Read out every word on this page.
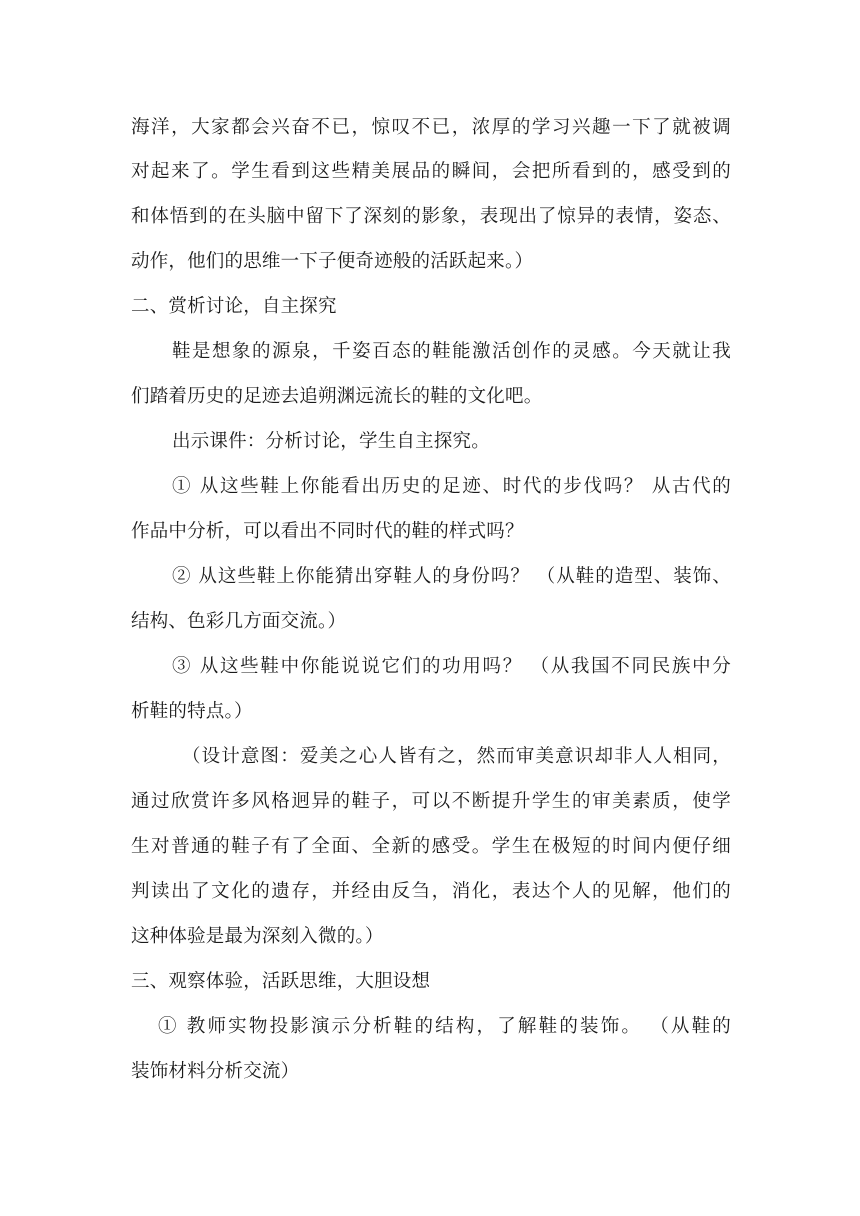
海洋，大家都会兴奋不已，惊叹不已，浓厚的学习兴趣一下了就被调
对起来了。学生看到这些精美展品的瞬间，会把所看到的，感受到的
和体悟到的在头脑中留下了深刻的影象，表现出了惊异的表情，姿态、
动作，他们的思维一下子便奇迹般的活跃起来。）
二、赏析讨论，自主探究
鞋是想象的源泉，千姿百态的鞋能激活创作的灵感。今天就让我
们踏着历史的足迹去追朔渊远流长的鞋的文化吧。
出示课件：分析讨论，学生自主探究。
① 从这些鞋上你能看出历史的足迹、时代的步伐吗？ 从古代的
作品中分析，可以看出不同时代的鞋的样式吗？
② 从这些鞋上你能猜出穿鞋人的身份吗？ （从鞋的造型、装饰、
结构、色彩几方面交流。）
③ 从这些鞋中你能说说它们的功用吗？ （从我国不同民族中分
析鞋的特点。）
（设计意图：爱美之心人皆有之，然而审美意识却非人人相同，
通过欣赏许多风格迥异的鞋子，可以不断提升学生的审美素质，使学
生对普通的鞋子有了全面、全新的感受。学生在极短的时间内便仔细
判读出了文化的遗存，并经由反刍，消化，表达个人的见解，他们的
这种体验是最为深刻入微的。）
三、观察体验，活跃思维，大胆设想
① 教师实物投影演示分析鞋的结构，了解鞋的装饰。 （从鞋的
装饰材料分析交流）
